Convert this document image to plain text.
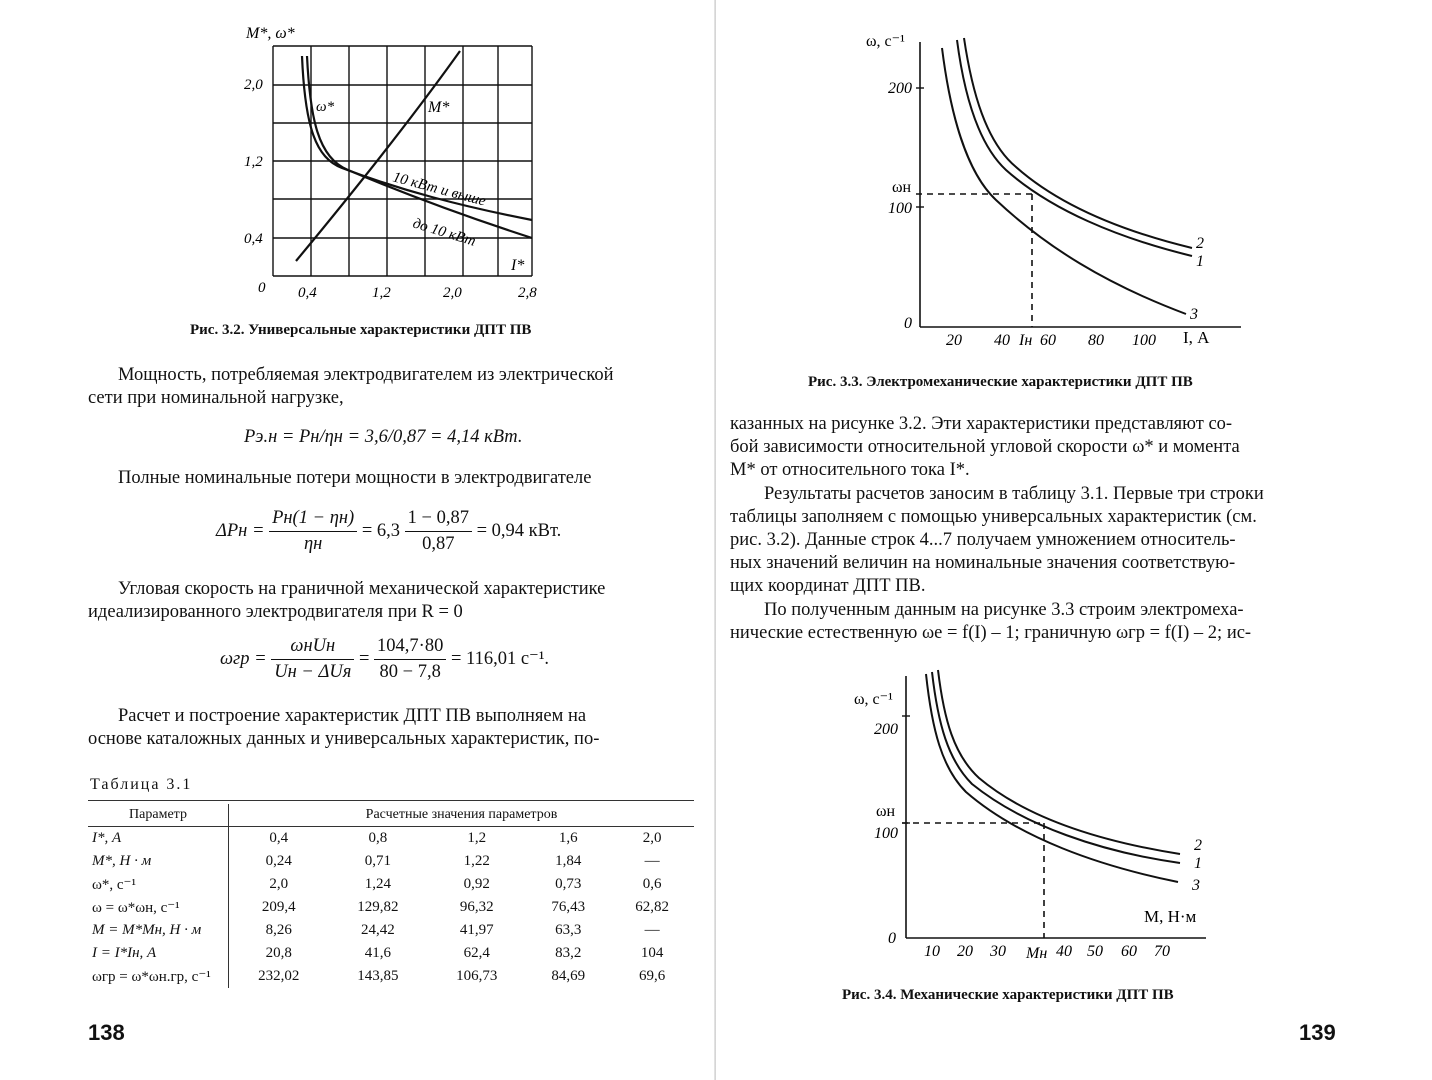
M*, ω*
2,0
1,2
0,4
0 0,4	1,2	2,0	2,8
I*
ω*	M*
10 кВт и выше
до 10 кВт
Рис. 3.2. Универсальные характеристики ДПТ ПВ
Мощность, потребляемая электродвигателем из электрической
сети при номинальной нагрузке,
Pэ.н = Pн/ηн = 3,6/0,87 = 4,14 кВт.
Полные номинальные потери мощности в электродвигателе
$\Delta Pн = \frac{Pн(1 - \eta н)}{\eta н} = 6,3 \frac{1 - 0,87}{0,87} = 0,94$ кВт.
Угловая скорость на граничной механической характеристике
идеализированного электродвигателя при R = 0
$\omega гр = \frac{\text{ωнUн}}{\text{Uн − ΔUя}} = \frac{104,7\cdot 80}{80 - 7,8} = 116,01$ с⁻¹.
Расчет и построение характеристик ДПТ ПВ выполняем на
основе каталожных данных и универсальных характеристик, по-
Таблица 3.1
Параметр	Расчетные значения параметров				
I*, А	0,4	0,8	1,2	1,6	2,0
M*, Н · м	0,24	0,71	1,22	1,84	—
ω*, с⁻¹	2,0	1,24	0,92	0,73	0,6
ω = ω*ωн, с⁻¹	209,4	129,82	96,32	76,43	62,82
M = M*Mн, Н · м	8,26	24,42	41,97	63,3	—
I = I*Iн, А	20,8	41,6	62,4	83,2	104
ωгр = ω*ωн.гр, с⁻¹	232,02	143,85	106,73	84,69	69,6
138
ω, с⁻¹
200
100
0
ωн
20 40 60 80 100
Iн	I, А
2
1
3
Рис. 3.3. Электромеханические характеристики ДПТ ПВ
казанных на рисунке 3.2. Эти характеристики представляют со-
бой зависимости относительной угловой скорости ω* и момента
M* от относительного тока I*.
Результаты расчетов заносим в таблицу 3.1. Первые три строки
таблицы заполняем с помощью универсальных характеристик (см.
рис. 3.2). Данные строк 4...7 получаем умножением относитель-
ных значений величин на номинальные значения соответствую-
щих координат ДПТ ПВ.
По полученным данным на рисунке 3.3 строим электромеха-
нические естественную ωе = f(I) – 1; граничную ωгр = f(I) – 2; ис-
ω, с⁻¹
200
100
0
ωн
10 20 30	40 50 60 70
Mн
M, Н·м
2
1
3
Рис. 3.4. Механические характеристики ДПТ ПВ
139
